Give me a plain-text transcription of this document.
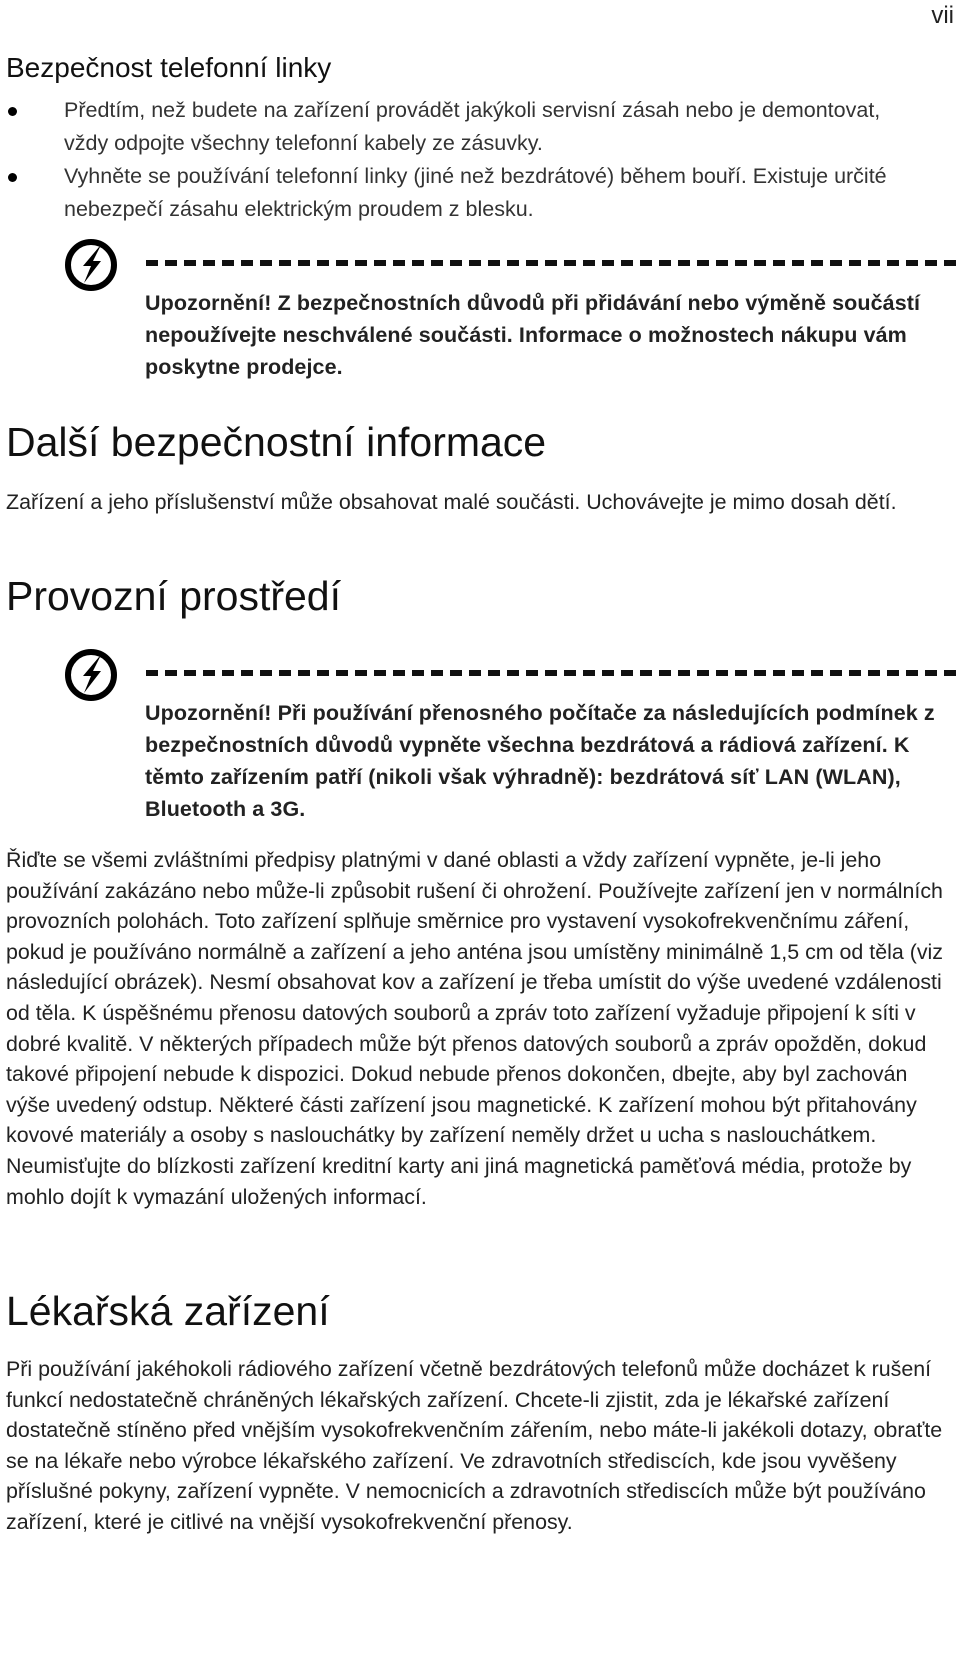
vii
Bezpečnost telefonní linky
Předtím, než budete na zařízení provádět jakýkoli servisní zásah nebo je demontovat, vždy odpojte všechny telefonní kabely ze zásuvky.
Vyhněte se používání telefonní linky (jiné než bezdrátové) během bouří. Existuje určité nebezpečí zásahu elektrickým proudem z blesku.
Upozornění! Z bezpečnostních důvodů při přidávání nebo výměně součástí nepoužívejte neschválené součásti. Informace o možnostech nákupu vám poskytne prodejce.
Další bezpečnostní informace

Zařízení a jeho příslušenství může obsahovat malé součásti. Uchovávejte je mimo dosah dětí.

Provozní prostředí
Upozornění! Při používání přenosného počítače za následujících podmínek z bezpečnostních důvodů vypněte všechna bezdrátová a rádiová zařízení. K těmto zařízením patří (nikoli však výhradně): bezdrátová síť LAN (WLAN), Bluetooth a 3G.

Řiďte se všemi zvláštními předpisy platnými v dané oblasti a vždy zařízení vypněte, je-li jeho používání zakázáno nebo může-li způsobit rušení či ohrožení. Používejte zařízení jen v normálních provozních polohách. Toto zařízení splňuje směrnice pro vystavení vysokofrekvenčnímu záření, pokud je používáno normálně a zařízení a jeho anténa jsou umístěny minimálně 1,5 cm od těla (viz následující obrázek). Nesmí obsahovat kov a zařízení je třeba umístit do výše uvedené vzdálenosti od těla. K úspěšnému přenosu datových souborů a zpráv toto zařízení vyžaduje připojení k síti v dobré kvalitě. V některých případech může být přenos datových souborů a zpráv opožděn, dokud takové připojení nebude k dispozici. Dokud nebude přenos dokončen, dbejte, aby byl zachován výše uvedený odstup. Některé části zařízení jsou magnetické. K zařízení mohou být přitahovány kovové materiály a osoby s naslouchátky by zařízení neměly držet u ucha s naslouchátkem. Neumisťujte do blízkosti zařízení kreditní karty ani jiná magnetická paměťová média, protože by mohlo dojít k vymazání uložených informací.

Lékařská zařízení

Při používání jakéhokoli rádiového zařízení včetně bezdrátových telefonů může docházet k rušení funkcí nedostatečně chráněných lékařských zařízení. Chcete-li zjistit, zda je lékařské zařízení dostatečně stíněno před vnějším vysokofrekvenčním zářením, nebo máte-li jakékoli dotazy, obraťte se na lékaře nebo výrobce lékařského zařízení. Ve zdravotních střediscích, kde jsou vyvěšeny příslušné pokyny, zařízení vypněte. V nemocnicích a zdravotních střediscích může být používáno zařízení, které je citlivé na vnější vysokofrekvenční přenosy.
